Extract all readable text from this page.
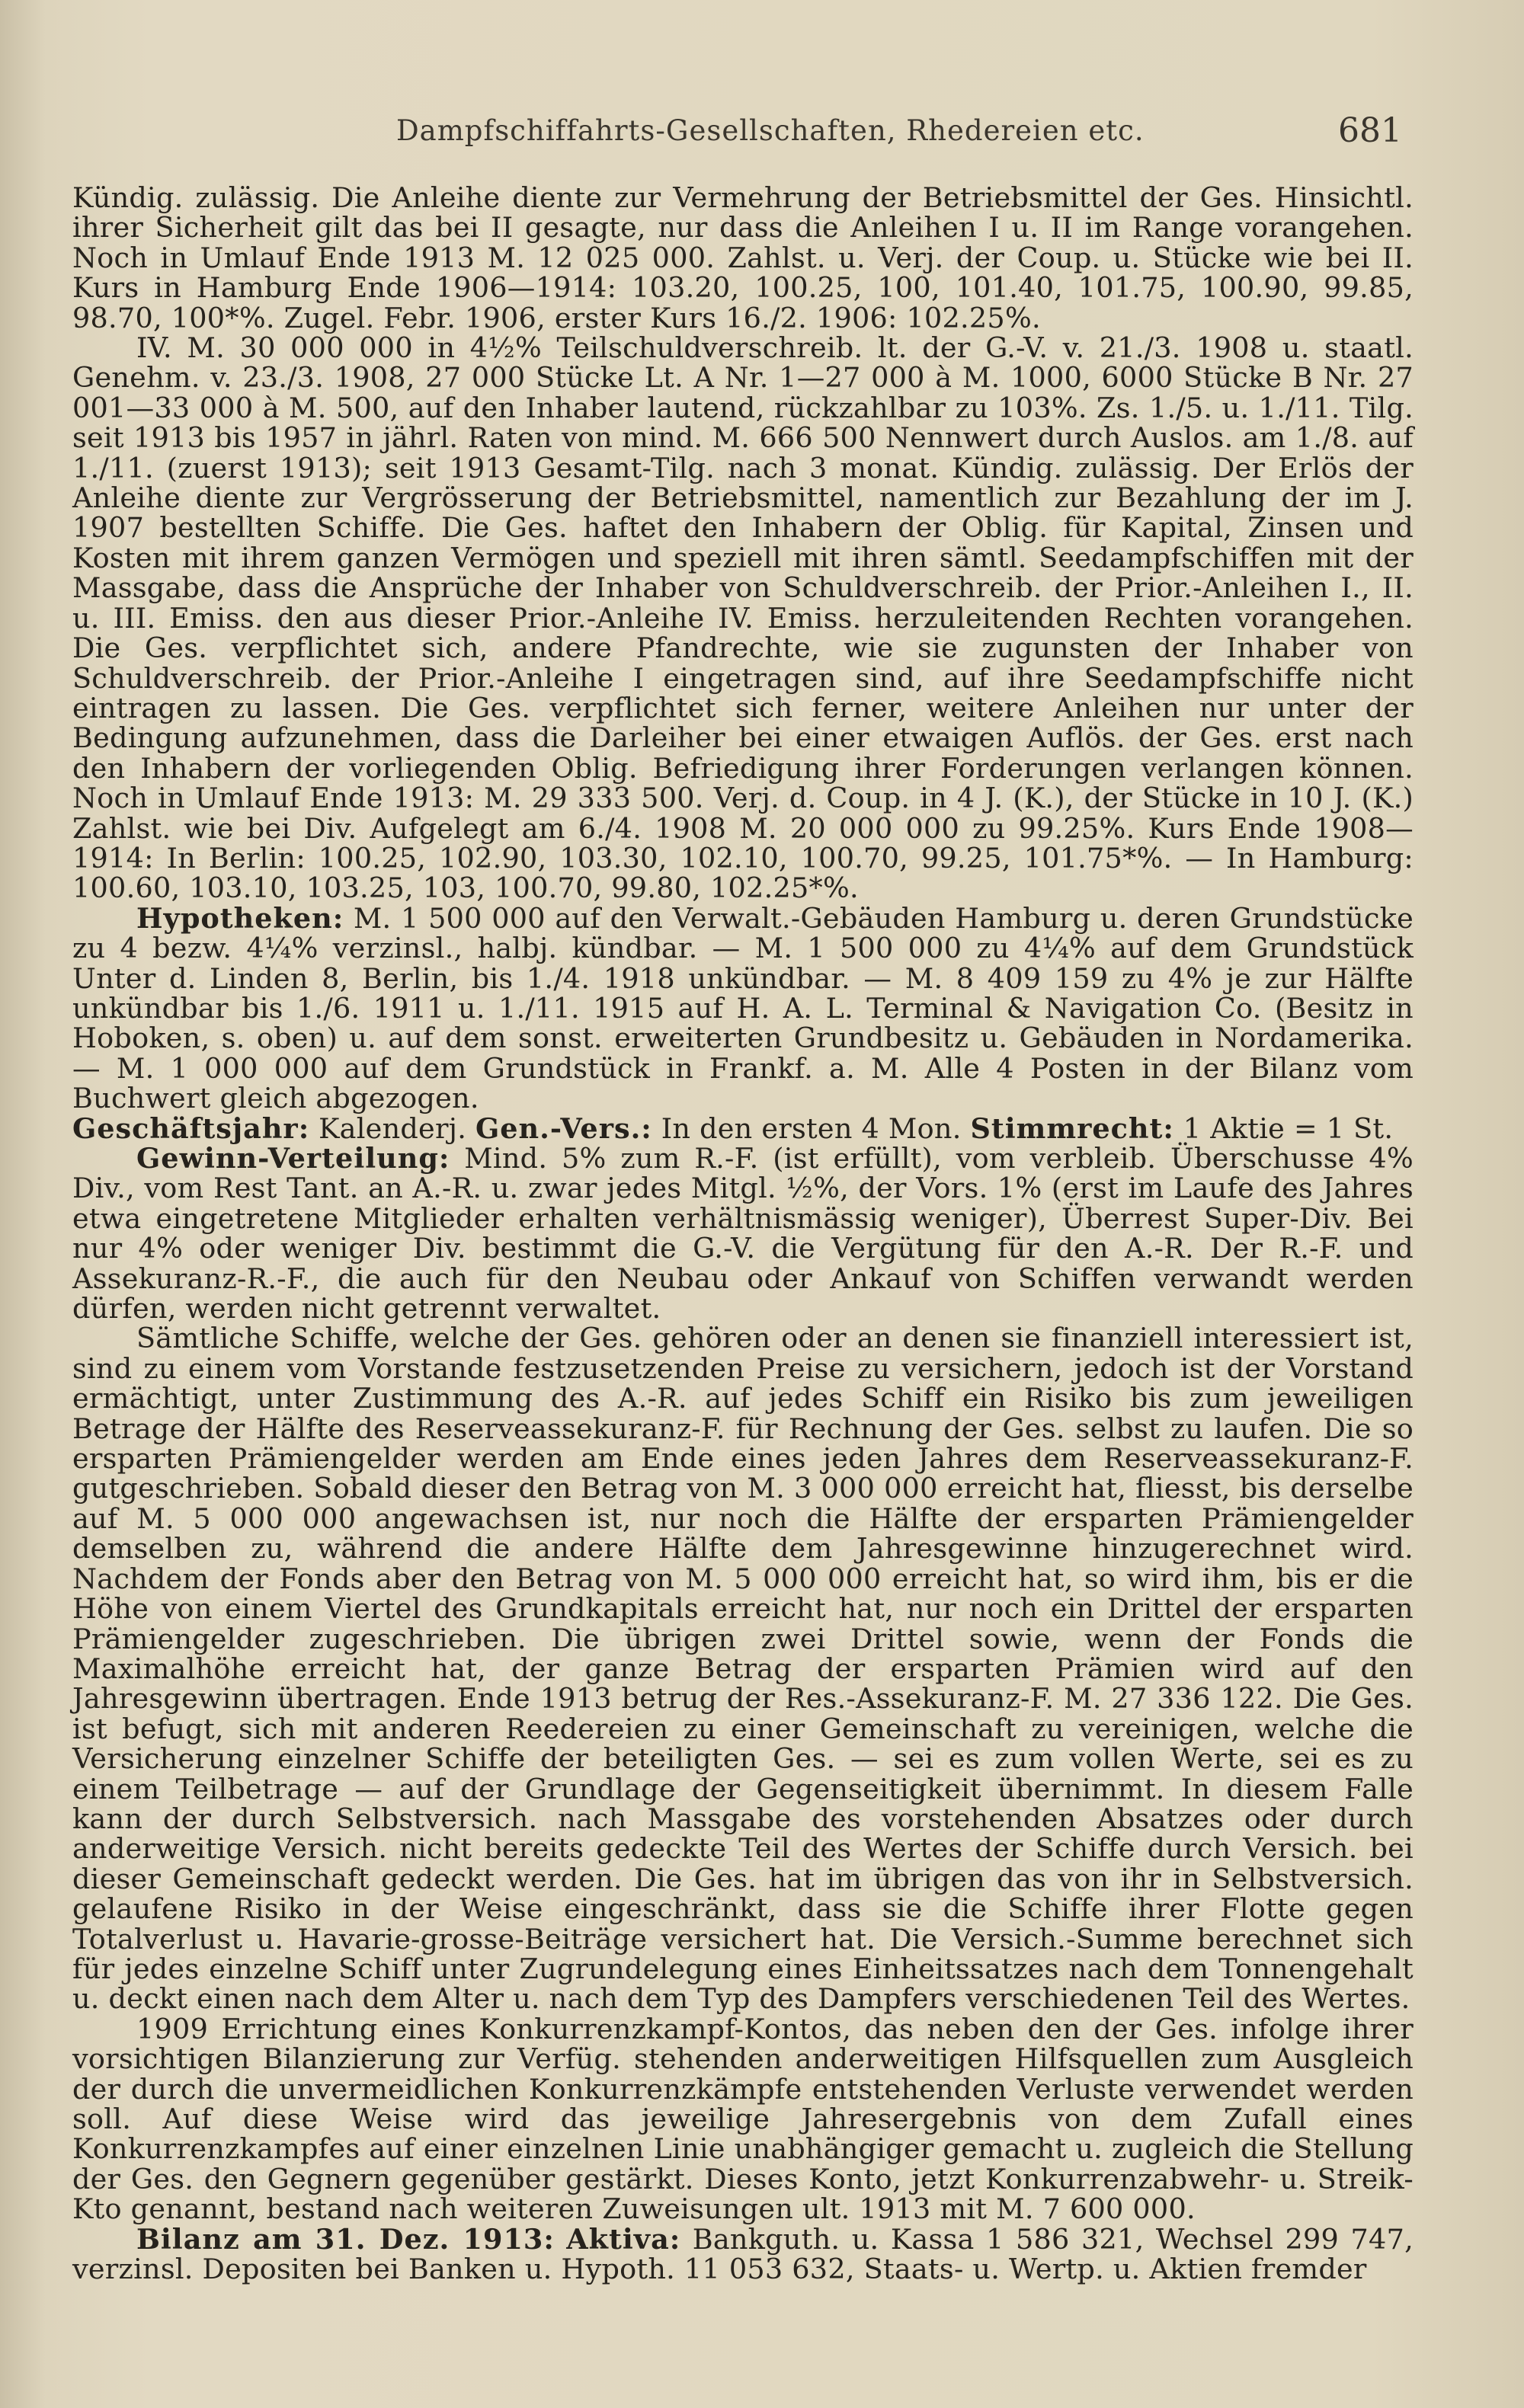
Dampfschiffahrts-Gesellschaften, Rhedereien etc.	681

Kündig. zulässig. Die Anleihe diente zur Vermehrung der Betriebsmittel der Ges. Hinsichtl. ihrer Sicherheit gilt das bei II gesagte, nur dass die Anleihen I u. II im Range vorangehen. Noch in Umlauf Ende 1913 M. 12 025 000. Zahlst. u. Verj. der Coup. u. Stücke wie bei II. Kurs in Hamburg Ende 1906—1914: 103.20, 100.25, 100, 101.40, 101.75, 100.90, 99.85, 98.70, 100*%. Zugel. Febr. 1906, erster Kurs 16./2. 1906: 102.25%.

IV. M. 30 000 000 in 4½% Teilschuldverschreib. lt. der G.-V. v. 21./3. 1908 u. staatl. Genehm. v. 23./3. 1908, 27 000 Stücke Lt. A Nr. 1—27 000 à M. 1000, 6000 Stücke B Nr. 27 001—33 000 à M. 500, auf den Inhaber lautend, rückzahlbar zu 103%. Zs. 1./5. u. 1./11. Tilg. seit 1913 bis 1957 in jährl. Raten von mind. M. 666 500 Nennwert durch Auslos. am 1./8. auf 1./11. (zuerst 1913); seit 1913 Gesamt-Tilg. nach 3 monat. Kündig. zulässig. Der Erlös der Anleihe diente zur Vergrösserung der Betriebsmittel, namentlich zur Bezahlung der im J. 1907 bestellten Schiffe. Die Ges. haftet den Inhabern der Oblig. für Kapital, Zinsen und Kosten mit ihrem ganzen Vermögen und speziell mit ihren sämtl. Seedampfschiffen mit der Massgabe, dass die Ansprüche der Inhaber von Schuldverschreib. der Prior.-Anleihen I., II. u. III. Emiss. den aus dieser Prior.-Anleihe IV. Emiss. herzuleitenden Rechten vorangehen. Die Ges. verpflichtet sich, andere Pfandrechte, wie sie zugunsten der Inhaber von Schuldverschreib. der Prior.-Anleihe I eingetragen sind, auf ihre Seedampfschiffe nicht eintragen zu lassen. Die Ges. verpflichtet sich ferner, weitere Anleihen nur unter der Bedingung aufzunehmen, dass die Darleiher bei einer etwaigen Auflös. der Ges. erst nach den Inhabern der vorliegenden Oblig. Befriedigung ihrer Forderungen verlangen können. Noch in Umlauf Ende 1913: M. 29 333 500. Verj. d. Coup. in 4 J. (K.), der Stücke in 10 J. (K.) Zahlst. wie bei Div. Aufgelegt am 6./4. 1908 M. 20 000 000 zu 99.25%. Kurs Ende 1908—1914: In Berlin: 100.25, 102.90, 103.30, 102.10, 100.70, 99.25, 101.75*%. — In Hamburg: 100.60, 103.10, 103.25, 103, 100.70, 99.80, 102.25*%.

Hypotheken: M. 1 500 000 auf den Verwalt.-Gebäuden Hamburg u. deren Grundstücke zu 4 bezw. 4¼% verzinsl., halbj. kündbar. — M. 1 500 000 zu 4¼% auf dem Grundstück Unter d. Linden 8, Berlin, bis 1./4. 1918 unkündbar. — M. 8 409 159 zu 4% je zur Hälfte unkündbar bis 1./6. 1911 u. 1./11. 1915 auf H. A. L. Terminal & Navigation Co. (Besitz in Hoboken, s. oben) u. auf dem sonst. erweiterten Grundbesitz u. Gebäuden in Nordamerika. — M. 1 000 000 auf dem Grundstück in Frankf. a. M. Alle 4 Posten in der Bilanz vom Buchwert gleich abgezogen.

Geschäftsjahr: Kalenderj. Gen.-Vers.: In den ersten 4 Mon. Stimmrecht: 1 Aktie = 1 St.

Gewinn-Verteilung: Mind. 5% zum R.-F. (ist erfüllt), vom verbleib. Überschusse 4% Div., vom Rest Tant. an A.-R. u. zwar jedes Mitgl. ½%, der Vors. 1% (erst im Laufe des Jahres etwa eingetretene Mitglieder erhalten verhältnismässig weniger), Überrest Super-Div. Bei nur 4% oder weniger Div. bestimmt die G.-V. die Vergütung für den A.-R. Der R.-F. und Assekuranz-R.-F., die auch für den Neubau oder Ankauf von Schiffen verwandt werden dürfen, werden nicht getrennt verwaltet.

Sämtliche Schiffe, welche der Ges. gehören oder an denen sie finanziell interessiert ist, sind zu einem vom Vorstande festzusetzenden Preise zu versichern, jedoch ist der Vorstand ermächtigt, unter Zustimmung des A.-R. auf jedes Schiff ein Risiko bis zum jeweiligen Betrage der Hälfte des Reserveassekuranz-F. für Rechnung der Ges. selbst zu laufen. Die so ersparten Prämiengelder werden am Ende eines jeden Jahres dem Reserveassekuranz-F. gutgeschrieben. Sobald dieser den Betrag von M. 3 000 000 erreicht hat, fliesst, bis derselbe auf M. 5 000 000 angewachsen ist, nur noch die Hälfte der ersparten Prämiengelder demselben zu, während die andere Hälfte dem Jahresgewinne hinzugerechnet wird. Nachdem der Fonds aber den Betrag von M. 5 000 000 erreicht hat, so wird ihm, bis er die Höhe von einem Viertel des Grundkapitals erreicht hat, nur noch ein Drittel der ersparten Prämiengelder zugeschrieben. Die übrigen zwei Drittel sowie, wenn der Fonds die Maximalhöhe erreicht hat, der ganze Betrag der ersparten Prämien wird auf den Jahresgewinn übertragen. Ende 1913 betrug der Res.-Assekuranz-F. M. 27 336 122. Die Ges. ist befugt, sich mit anderen Reedereien zu einer Gemeinschaft zu vereinigen, welche die Versicherung einzelner Schiffe der beteiligten Ges. — sei es zum vollen Werte, sei es zu einem Teilbetrage — auf der Grundlage der Gegenseitigkeit übernimmt. In diesem Falle kann der durch Selbstversich. nach Massgabe des vorstehenden Absatzes oder durch anderweitige Versich. nicht bereits gedeckte Teil des Wertes der Schiffe durch Versich. bei dieser Gemeinschaft gedeckt werden. Die Ges. hat im übrigen das von ihr in Selbstversich. gelaufene Risiko in der Weise eingeschränkt, dass sie die Schiffe ihrer Flotte gegen Totalverlust u. Havarie-grosse-Beiträge versichert hat. Die Versich.-Summe berechnet sich für jedes einzelne Schiff unter Zugrundelegung eines Einheitssatzes nach dem Tonnengehalt u. deckt einen nach dem Alter u. nach dem Typ des Dampfers verschiedenen Teil des Wertes.

1909 Errichtung eines Konkurrenzkampf-Kontos, das neben den der Ges. infolge ihrer vorsichtigen Bilanzierung zur Verfüg. stehenden anderweitigen Hilfsquellen zum Ausgleich der durch die unvermeidlichen Konkurrenzkämpfe entstehenden Verluste verwendet werden soll. Auf diese Weise wird das jeweilige Jahresergebnis von dem Zufall eines Konkurrenzkampfes auf einer einzelnen Linie unabhängiger gemacht u. zugleich die Stellung der Ges. den Gegnern gegenüber gestärkt. Dieses Konto, jetzt Konkurrenzabwehr- u. Streik-Kto genannt, bestand nach weiteren Zuweisungen ult. 1913 mit M. 7 600 000.

Bilanz am 31. Dez. 1913: Aktiva: Bankguth. u. Kassa 1 586 321, Wechsel 299 747, verzinsl. Depositen bei Banken u. Hypoth. 11 053 632, Staats- u. Wertp. u. Aktien fremder
